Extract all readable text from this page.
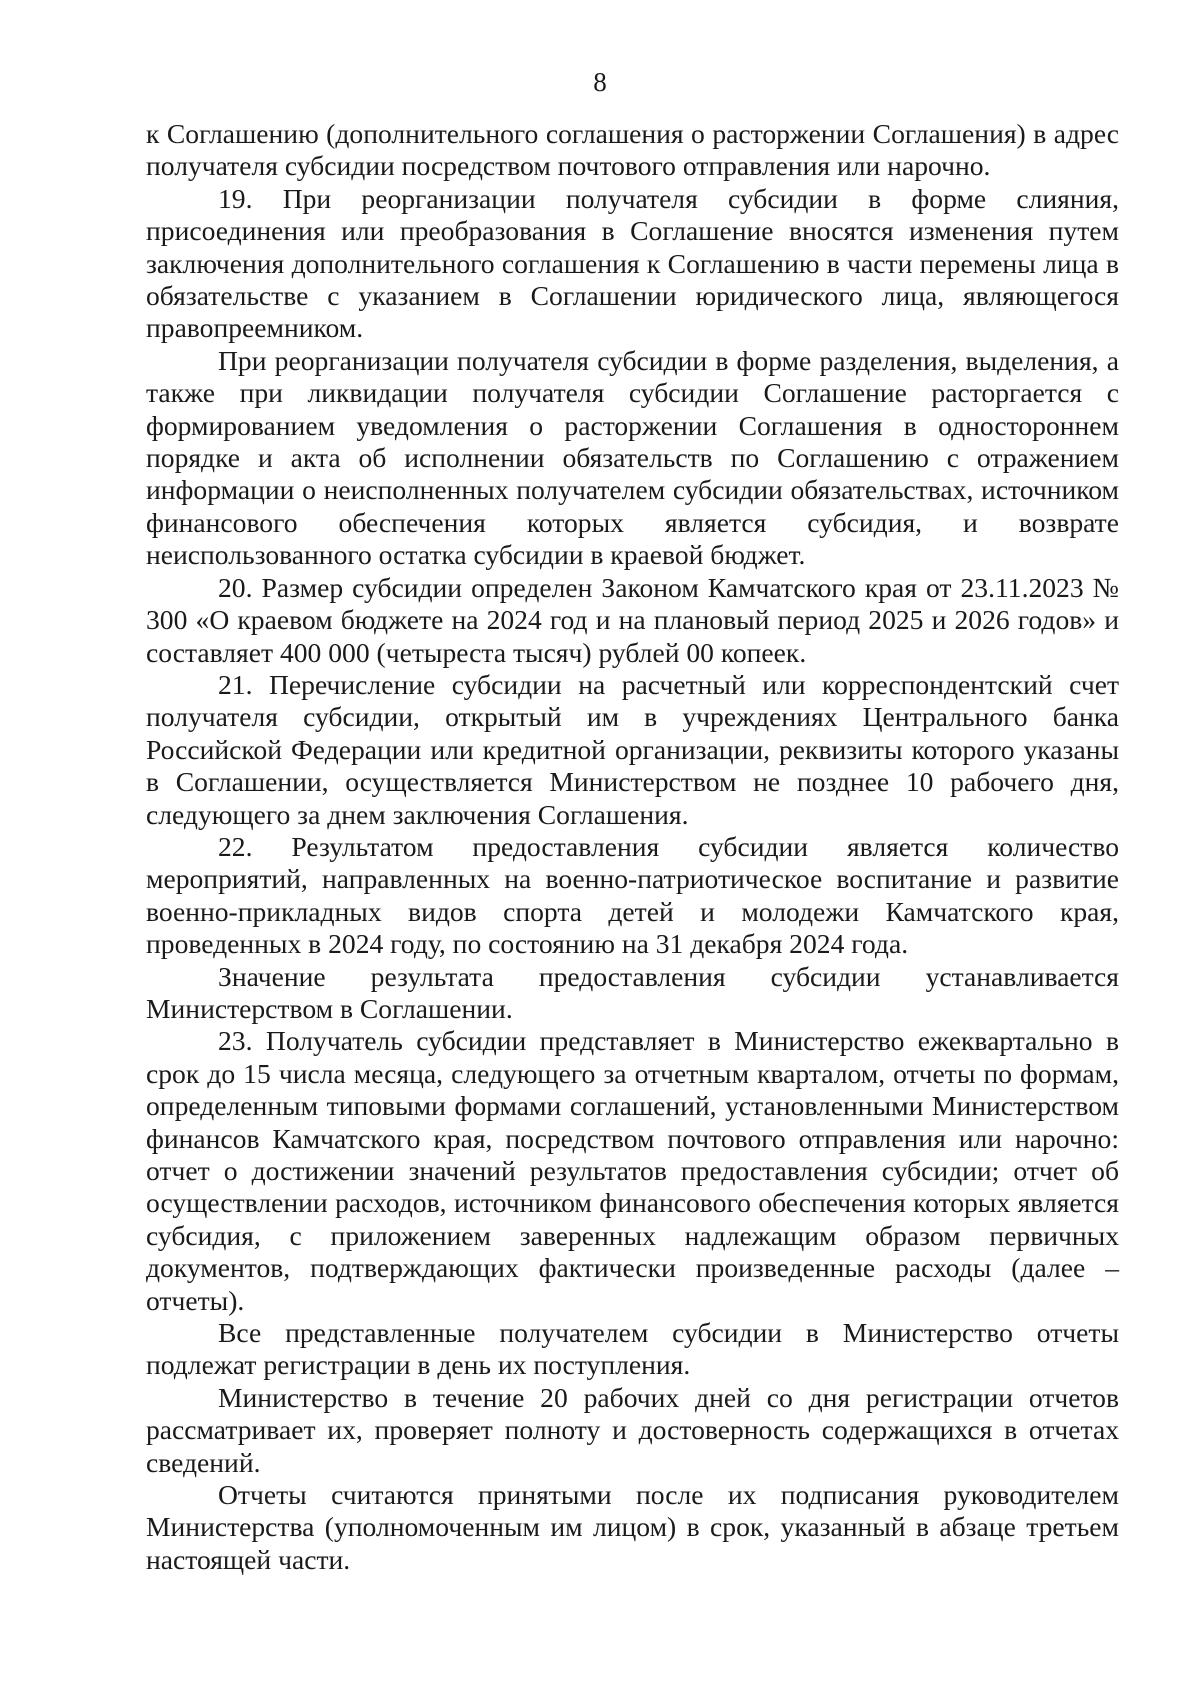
8

к Соглашению (дополнительного соглашения о расторжении Соглашения) в адрес получателя субсидии посредством почтового отправления или нарочно.

19. При реорганизации получателя субсидии в форме слияния, присоединения или преобразования в Соглашение вносятся изменения путем заключения дополнительного соглашения к Соглашению в части перемены лица в обязательстве с указанием в Соглашении юридического лица, являющегося правопреемником.

При реорганизации получателя субсидии в форме разделения, выделения, а также при ликвидации получателя субсидии Соглашение расторгается с формированием уведомления о расторжении Соглашения в одностороннем порядке и акта об исполнении обязательств по Соглашению с отражением информации о неисполненных получателем субсидии обязательствах, источником финансового обеспечения которых является субсидия, и возврате неиспользованного остатка субсидии в краевой бюджет.

20. Размер субсидии определен Законом Камчатского края от 23.11.2023 № 300 «О краевом бюджете на 2024 год и на плановый период 2025 и 2026 годов» и составляет 400 000 (четыреста тысяч) рублей 00 копеек.

21. Перечисление субсидии на расчетный или корреспондентский счет получателя субсидии, открытый им в учреждениях Центрального банка Российской Федерации или кредитной организации, реквизиты которого указаны в Соглашении, осуществляется Министерством не позднее 10 рабочего дня, следующего за днем заключения Соглашения.

22. Результатом предоставления субсидии является количество мероприятий, направленных на военно-патриотическое воспитание и развитие военно-прикладных видов спорта детей и молодежи Камчатского края, проведенных в 2024 году, по состоянию на 31 декабря 2024 года.

Значение результата предоставления субсидии устанавливается Министерством в Соглашении.

23. Получатель субсидии представляет в Министерство ежеквартально в срок до 15 числа месяца, следующего за отчетным кварталом, отчеты по формам, определенным типовыми формами соглашений, установленными Министерством финансов Камчатского края, посредством почтового отправления или нарочно: отчет о достижении значений результатов предоставления субсидии; отчет об осуществлении расходов, источником финансового обеспечения которых является субсидия, с приложением заверенных надлежащим образом первичных документов, подтверждающих фактически произведенные расходы (далее – отчеты).

Все представленные получателем субсидии в Министерство отчеты подлежат регистрации в день их поступления.

Министерство в течение 20 рабочих дней со дня регистрации отчетов рассматривает их, проверяет полноту и достоверность содержащихся в отчетах сведений.

Отчеты считаются принятыми после их подписания руководителем Министерства (уполномоченным им лицом) в срок, указанный в абзаце третьем настоящей части.
